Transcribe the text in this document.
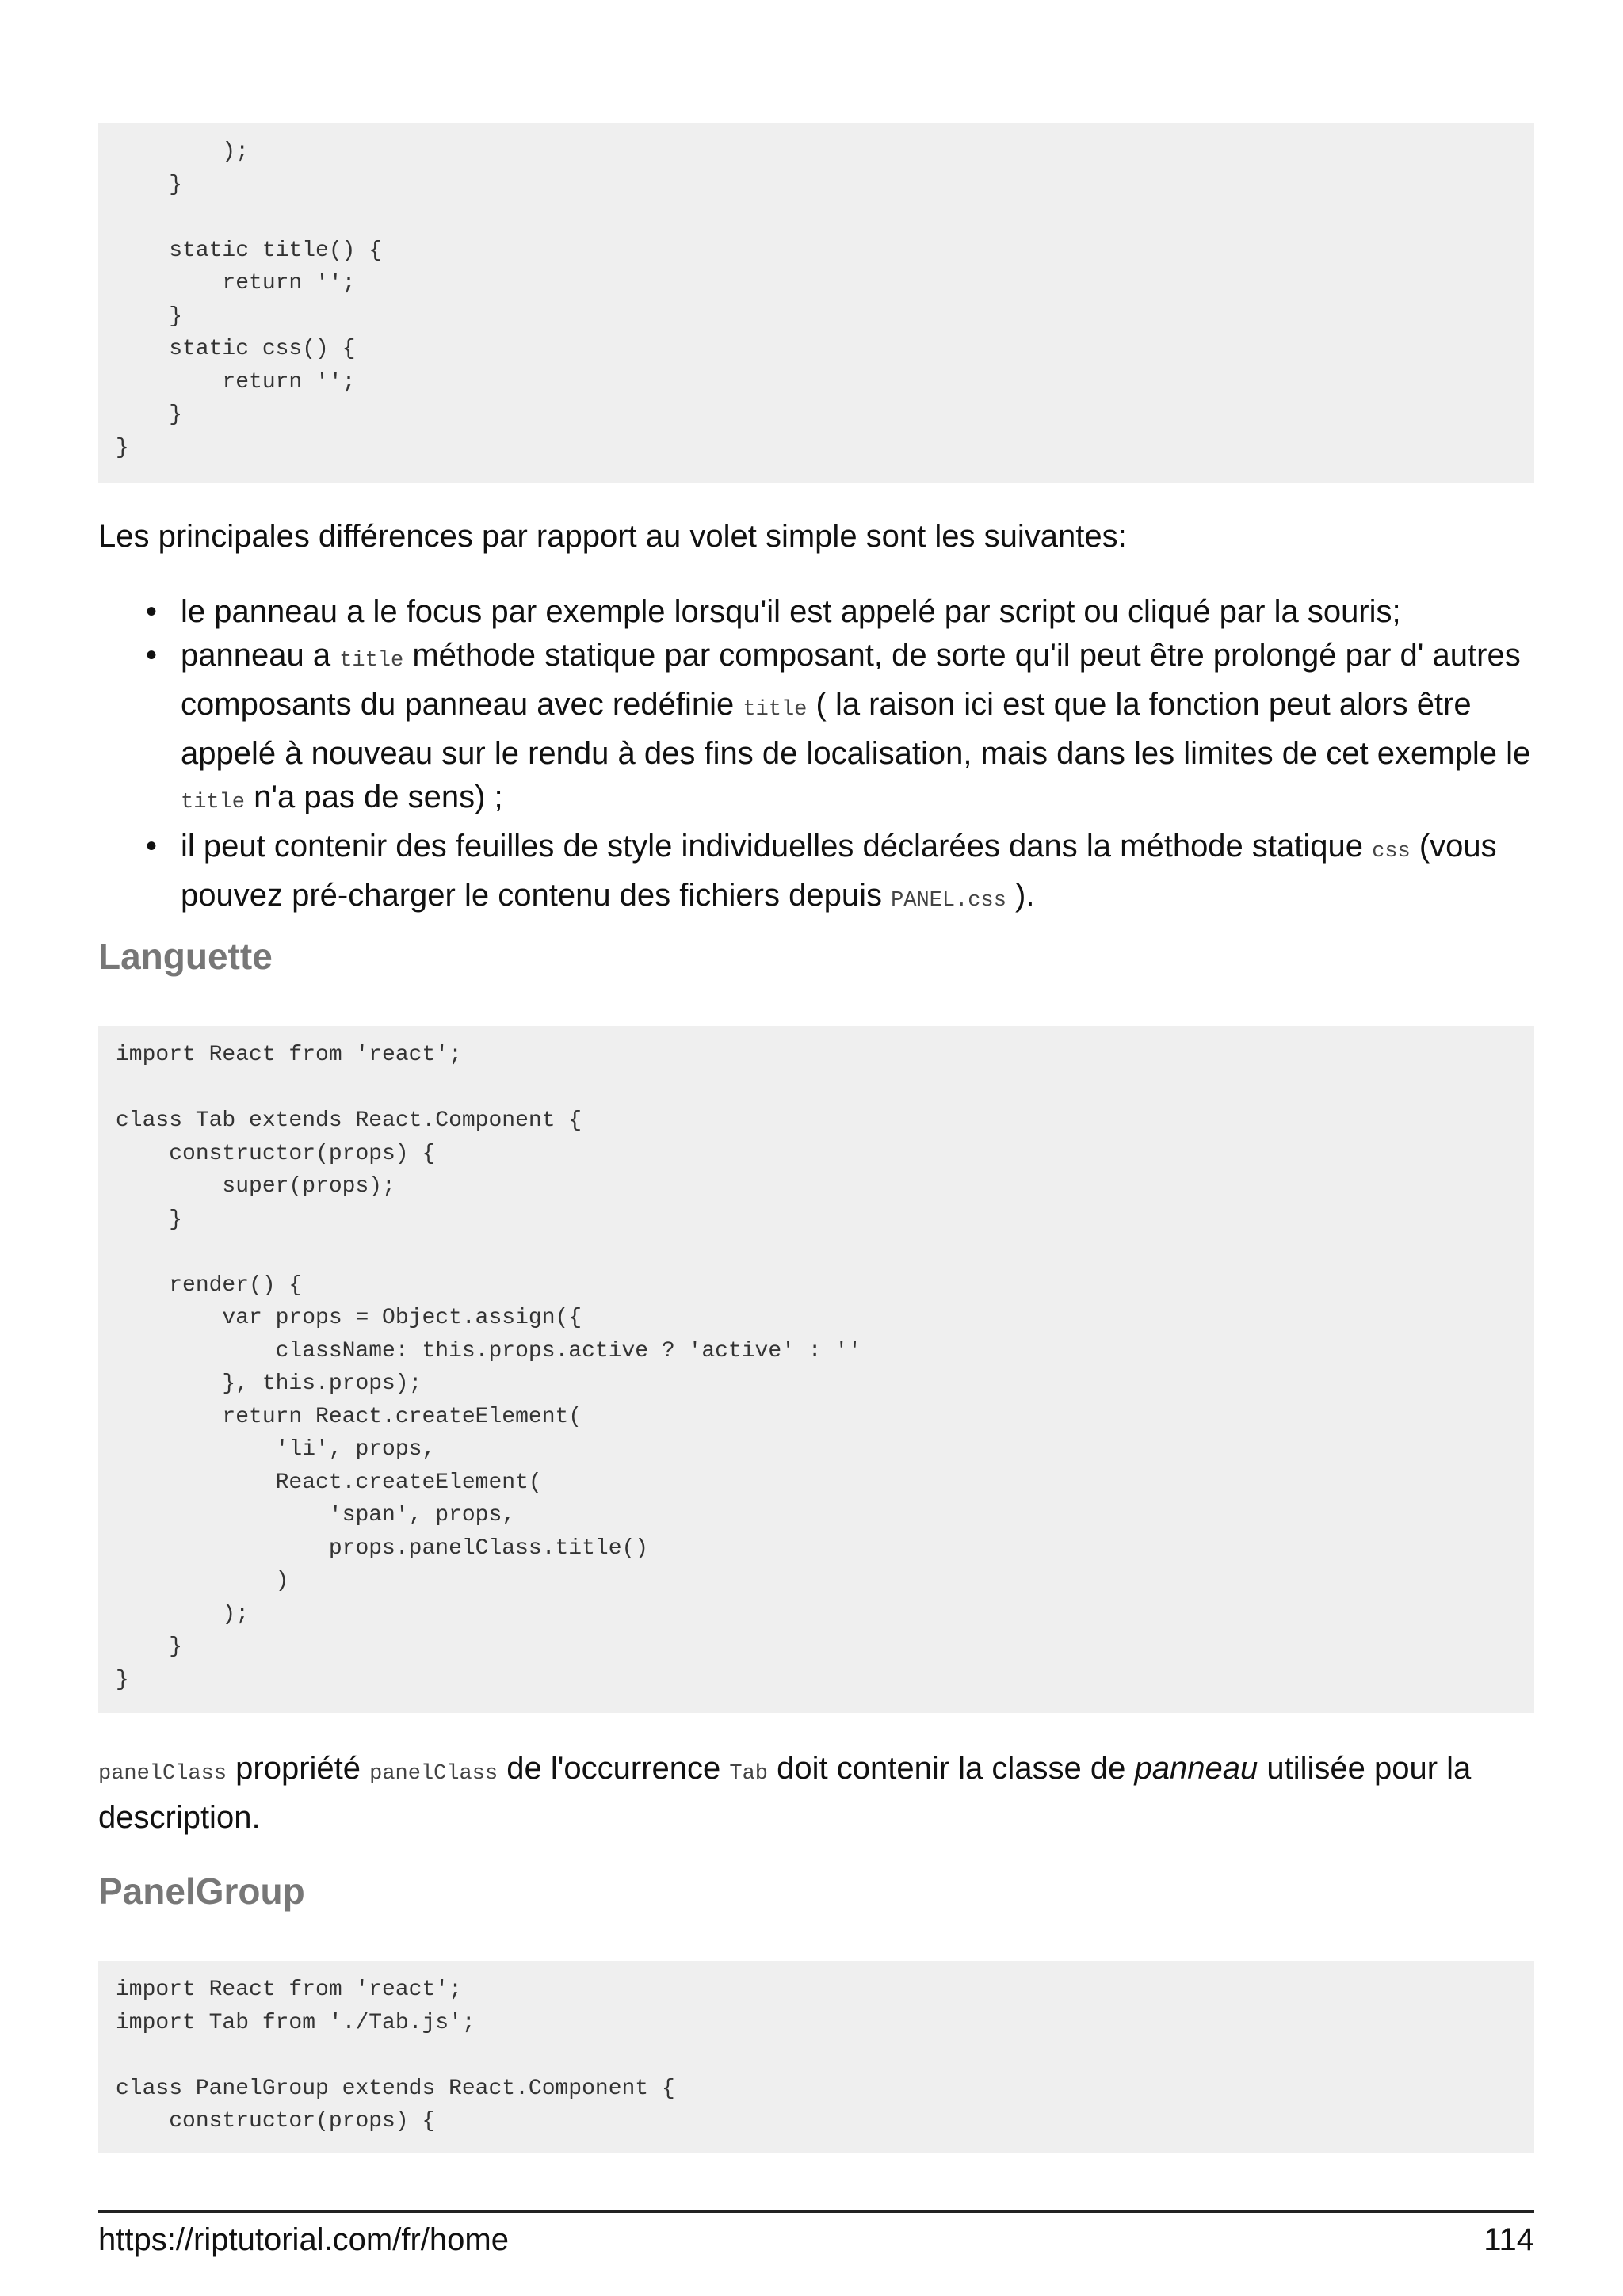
);
}

static title() {
return '';
}
static css() {
return '';
}
}

Les principales différences par rapport au volet simple sont les suivantes:

• le panneau a le focus par exemple lorsqu'il est appelé par script ou cliqué par la souris;
• panneau a title méthode statique par composant, de sorte qu'il peut être prolongé par d' autres composants du panneau avec redéfinie title ( la raison ici est que la fonction peut alors être appelé à nouveau sur le rendu à des fins de localisation, mais dans les limites de cet exemple le title n'a pas de sens) ;
• il peut contenir des feuilles de style individuelles déclarées dans la méthode statique css (vous pouvez pré-charger le contenu des fichiers depuis PANEL.css ).
Languette
import React from 'react';

class Tab extends React.Component {
constructor(props) {
super(props);
}

render() {
var props = Object.assign({
className: this.props.active ? 'active' : ''
}, this.props);
return React.createElement(
'li', props,
React.createElement(
'span', props,
props.panelClass.title()
)
);
}
}

panelClass propriété panelClass de l'occurrence Tab doit contenir la classe de panneau utilisée pour la description.

PanelGroup
import React from 'react';
import Tab from './Tab.js';

class PanelGroup extends React.Component {
constructor(props) {
https://riptutorial.com/fr/home	114
